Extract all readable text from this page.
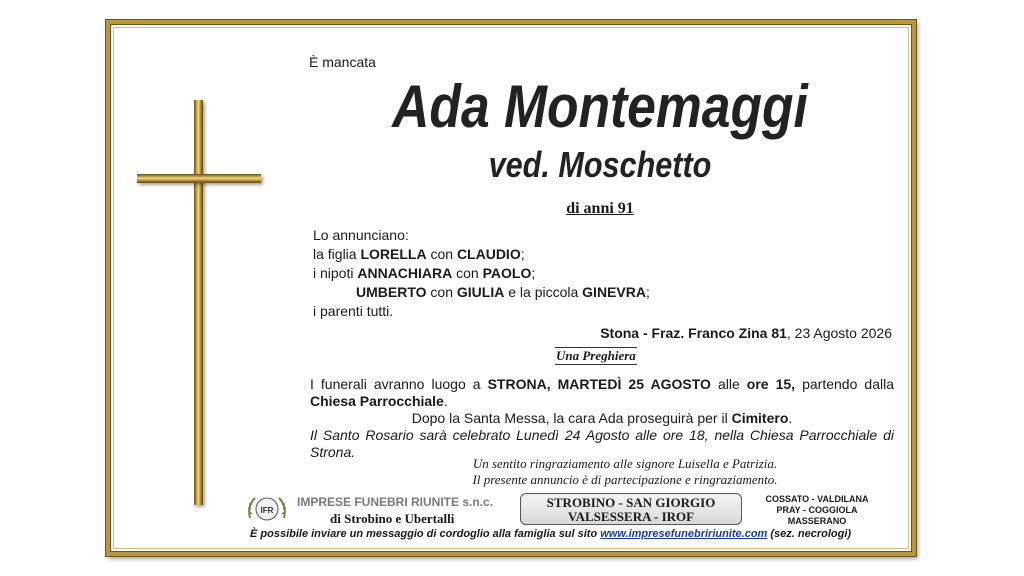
È mancata
Ada Montemaggi
ved. Moschetto
di anni 91
Lo annunciano:
la figlia LORELLA con CLAUDIO;
i nipoti ANNACHIARA con PAOLO;
UMBERTO con GIULIA e la piccola GINEVRA;
i parenti tutti.
Stona - Fraz. Franco Zina 81, 23 Agosto 2026
Una Preghiera

I funerali avranno luogo a STRONA, MARTEDÌ 25 AGOSTO alle ore 15, partendo dalla Chiesa Parrocchiale.

Dopo la Santa Messa, la cara Ada proseguirà per il Cimitero.

Il Santo Rosario sarà celebrato Lunedì 24 Agosto alle ore 18, nella Chiesa Parrocchiale di Strona.

Un sentito ringraziamento alle signore Luisella e Patrizia.
Il presente annuncio è di partecipazione e ringraziamento.
IFR
IMPRESE FUNEBRI RIUNITE s.n.c.
di Strobino e Ubertalli
STROBINO - SAN GIORGIO
VALSESSERA - IROF
COSSATO - VALDILANA
PRAY - COGGIOLA
MASSERANO
È possibile inviare un messaggio di cordoglio alla famiglia sul sito www.imprese​funebririunite.com (sez. necrologi)
